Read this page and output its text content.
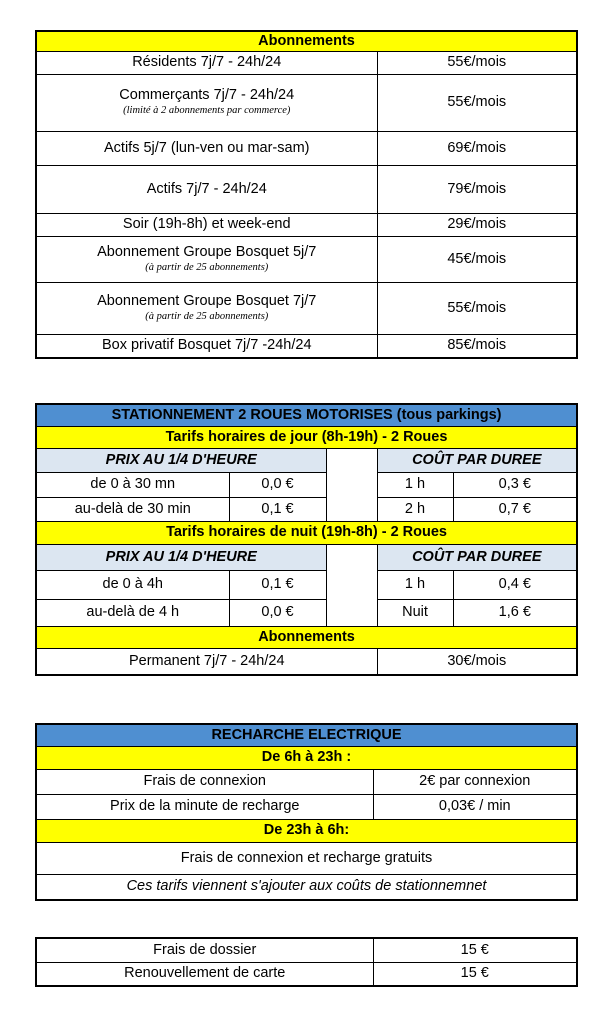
Abonnements	
Résidents 7j/7 - 24h/24	55€/mois
Commerçants 7j/7 - 24h/24
(limité à 2 abonnements par commerce)	55€/mois
Actifs 5j/7 (lun-ven ou mar-sam)	69€/mois
Actifs 7j/7 - 24h/24	79€/mois
Soir (19h-8h) et week-end	29€/mois
Abonnement Groupe Bosquet 5j/7
(à partir de 25 abonnements)	45€/mois
Abonnement Groupe Bosquet 7j/7
(à partir de 25 abonnements)	55€/mois
Box privatif Bosquet 7j/7 -24h/24	85€/mois
STATIONNEMENT 2 ROUES MOTORISES (tous parkings)				
Tarifs horaires de jour (8h-19h) - 2 Roues				
PRIX AU 1/4 D'HEURE			COÛT PAR DUREE	
de 0 à 30 mn	0,0 €		1 h	0,3 €
au-delà de 30 min	0,1 €		2 h	0,7 €
Tarifs horaires de nuit (19h-8h) - 2 Roues				
PRIX AU 1/4 D'HEURE			COÛT PAR DUREE	
de 0 à 4h	0,1 €		1 h	0,4 €
au-delà de 4 h	0,0 €		Nuit	1,6 €
Abonnements				
Permanent 7j/7 - 24h/24			30€/mois	
RECHARCHE ELECTRIQUE	
De 6h à 23h :	
Frais de connexion	2€ par connexion
Prix de la minute de recharge	0,03€ / min
De 23h à 6h:	
Frais de connexion et recharge gratuits	
Ces tarifs viennent s'ajouter aux coûts de stationnemnet	
Frais de dossier	15 €
Renouvellement de carte	15 €
